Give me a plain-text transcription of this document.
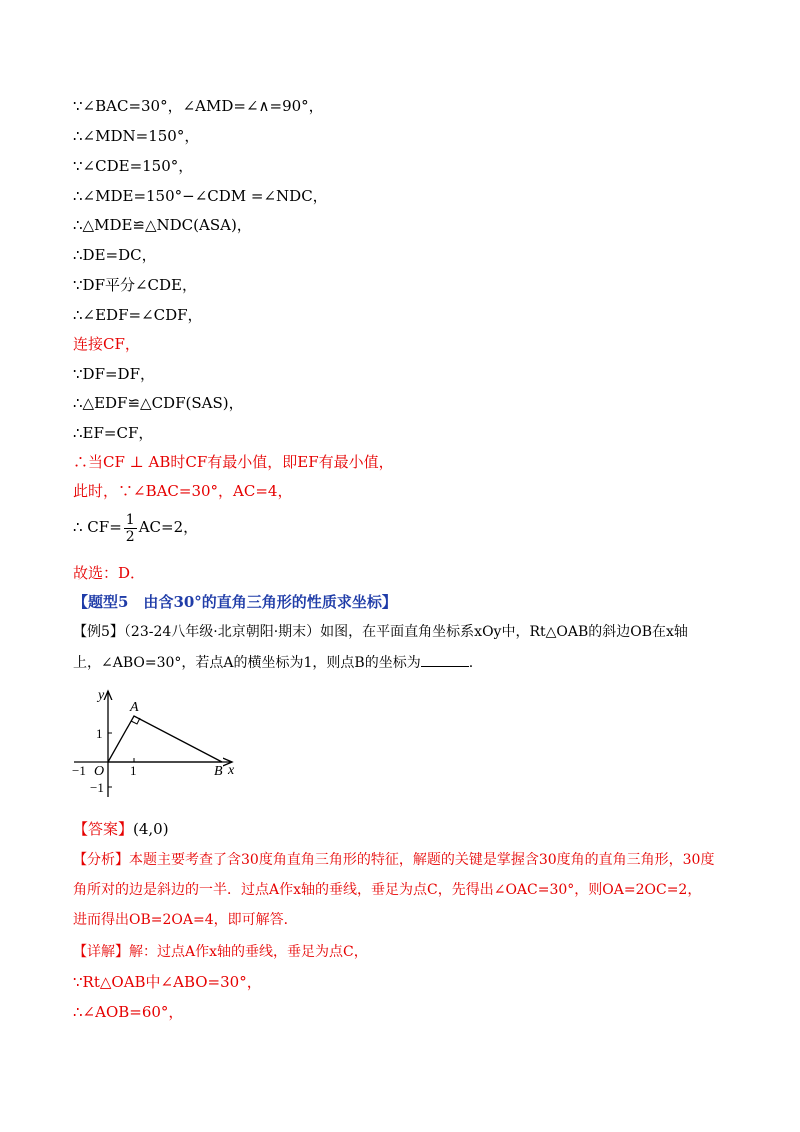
∵∠BAC=30°，∠AMD=∠∧=90°，
∴∠MDN=150°，
∵∠CDE=150°，
∴∠MDE=150°−∠CDM =∠NDC，
∴△MDE≌△NDC(ASA)，
∴DE=DC，
∵DF平分∠CDE，
∴∠EDF=∠CDF，
连接CF，
∵DF=DF，
∴△EDF≌△CDF(SAS)，
∴EF=CF，
∴当CF ⊥ AB时CF有最小值，即EF有最小值，
此时，∵∠BAC=30°，AC=4，
∴ $CF= \frac{1}{2} AC=2$，
故选：D．
【题型5　由含30°的直角三角形的性质求坐标】
【例5】（23-24八年级·北京朝阳·期末）如图，在平面直角坐标系xOy中，Rt△OAB的斜边OB在x轴
上，∠ABO=30°，若点A的横坐标为1，则点B的坐标为	.
y
x
A
B
O
−1	1
1
−1
【答案】(4,0)
【分析】本题主要考查了含30度角直角三角形的特征，解题的关键是掌握含30度角的直角三角形，30度
角所对的边是斜边的一半．过点A作x轴的垂线，垂足为点C，先得出∠OAC=30°，则OA=2OC=2，
进而得出OB=2OA=4，即可解答．
【详解】解：过点A作x轴的垂线，垂足为点C，
∵Rt△OAB中∠ABO=30°，
∴∠AOB=60°，
